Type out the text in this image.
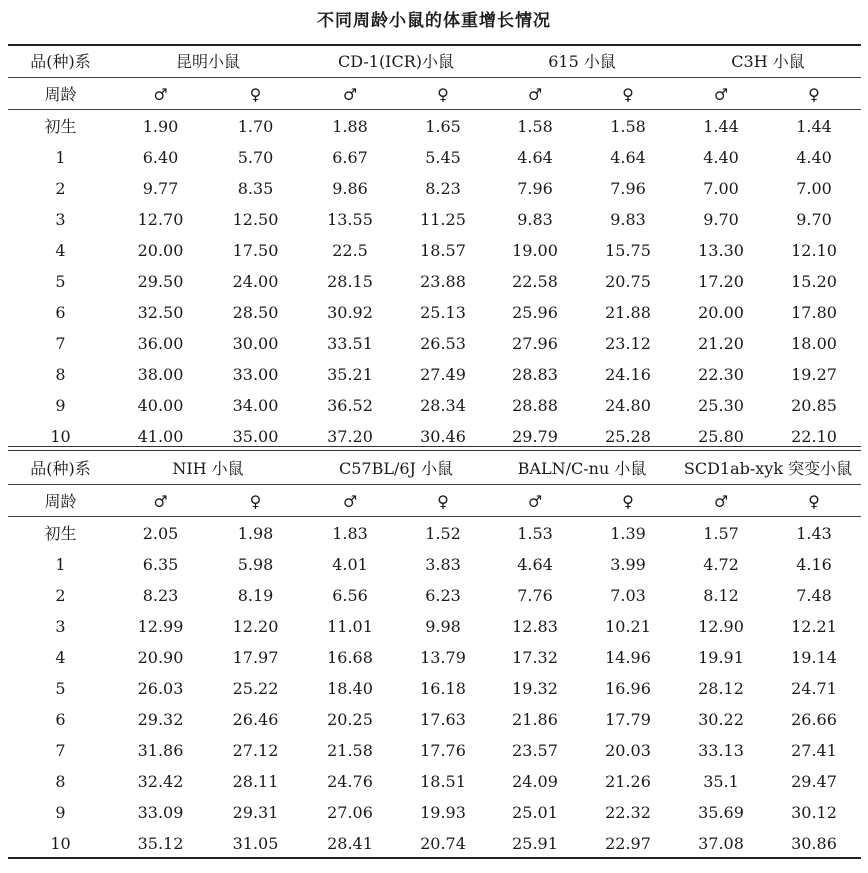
不同周龄小鼠的体重增长情况
品(种)系	昆明小鼠		CD-1(ICR)小鼠		615 小鼠		C3H 小鼠	
周龄	♂	♀	♂	♀	♂	♀	♂	♀
初生	1.90	1.70	1.88	1.65	1.58	1.58	1.44	1.44
1	6.40	5.70	6.67	5.45	4.64	4.64	4.40	4.40
2	9.77	8.35	9.86	8.23	7.96	7.96	7.00	7.00
3	12.70	12.50	13.55	11.25	9.83	9.83	9.70	9.70
4	20.00	17.50	22.5	18.57	19.00	15.75	13.30	12.10
5	29.50	24.00	28.15	23.88	22.58	20.75	17.20	15.20
6	32.50	28.50	30.92	25.13	25.96	21.88	20.00	17.80
7	36.00	30.00	33.51	26.53	27.96	23.12	21.20	18.00
8	38.00	33.00	35.21	27.49	28.83	24.16	22.30	19.27
9	40.00	34.00	36.52	28.34	28.88	24.80	25.30	20.85
10	41.00	35.00	37.20	30.46	29.79	25.28	25.80	22.10
品(种)系	NIH 小鼠		C57BL/6J 小鼠		BALN/C-nu 小鼠		SCD1ab-xyk 突变小鼠	
周龄	♂	♀	♂	♀	♂	♀	♂	♀
初生	2.05	1.98	1.83	1.52	1.53	1.39	1.57	1.43
1	6.35	5.98	4.01	3.83	4.64	3.99	4.72	4.16
2	8.23	8.19	6.56	6.23	7.76	7.03	8.12	7.48
3	12.99	12.20	11.01	9.98	12.83	10.21	12.90	12.21
4	20.90	17.97	16.68	13.79	17.32	14.96	19.91	19.14
5	26.03	25.22	18.40	16.18	19.32	16.96	28.12	24.71
6	29.32	26.46	20.25	17.63	21.86	17.79	30.22	26.66
7	31.86	27.12	21.58	17.76	23.57	20.03	33.13	27.41
8	32.42	28.11	24.76	18.51	24.09	21.26	35.1	29.47
9	33.09	29.31	27.06	19.93	25.01	22.32	35.69	30.12
10	35.12	31.05	28.41	20.74	25.91	22.97	37.08	30.86
